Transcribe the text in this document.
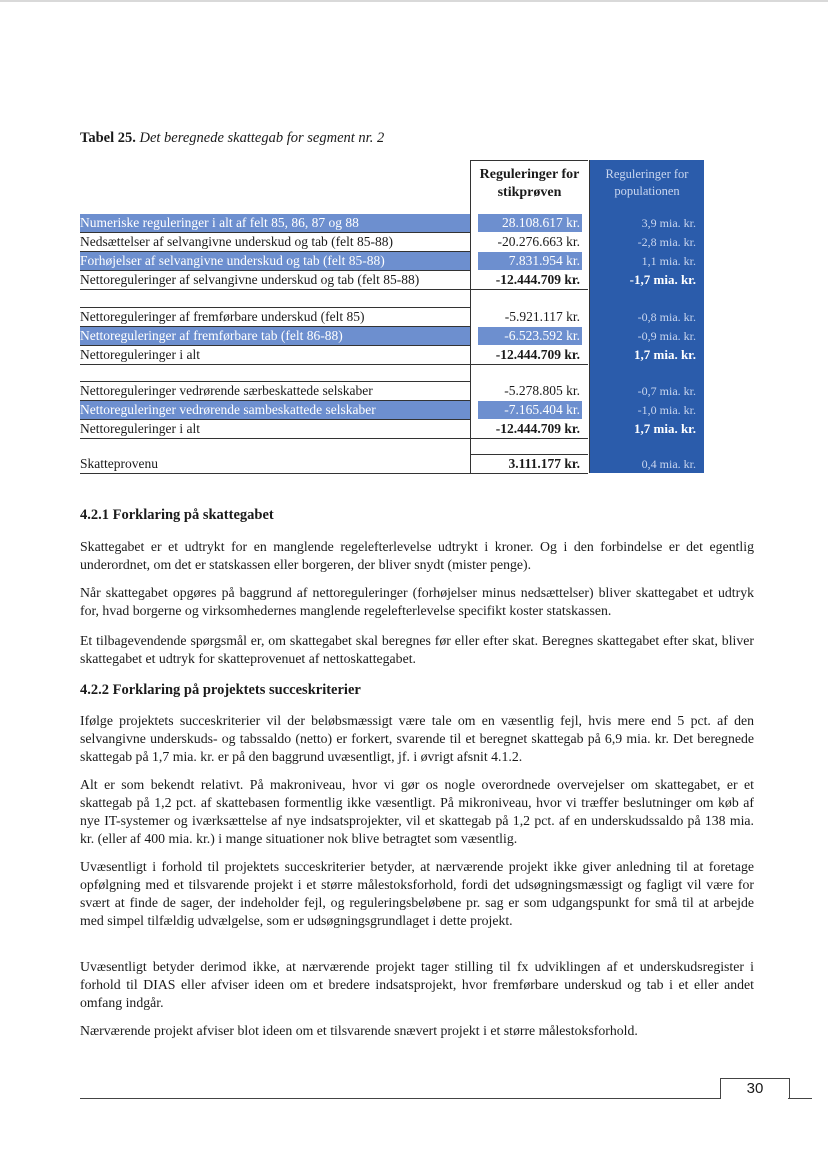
Tabel 25. Det beregnede skattegab for segment nr. 2
Reguleringer for stikprøven
Reguleringer for populationen
Numeriske reguleringer i alt af felt 85, 86, 87 og 88	28.108.617 kr.	3,9 mia. kr.
Nedsættelser af selvangivne underskud og tab (felt 85-88)	-20.276.663 kr.	-2,8 mia. kr.
Forhøjelser af selvangivne underskud og tab (felt 85-88)	7.831.954 kr.	1,1 mia. kr.
Nettoreguleringer af selvangivne underskud og tab (felt 85-88)	-12.444.709 kr.	-1,7 mia. kr.
Nettoreguleringer af fremførbare underskud (felt 85)	-5.921.117 kr.	-0,8 mia. kr.
Nettoreguleringer af fremførbare tab (felt 86-88)	-6.523.592 kr.	-0,9 mia. kr.
Nettoreguleringer i alt	-12.444.709 kr.	1,7 mia. kr.
Nettoreguleringer vedrørende særbeskattede selskaber	-5.278.805 kr.	-0,7 mia. kr.
Nettoreguleringer vedrørende sambeskattede selskaber	-7.165.404 kr.	-1,0 mia. kr.
Nettoreguleringer i alt	-12.444.709 kr.	1,7 mia. kr.
Skatteprovenu	3.111.177 kr.	0,4 mia. kr.
4.2.1 Forklaring på skattegabet
Skattegabet er et udtrykt for en manglende regelefterlevelse udtrykt i kroner. Og i den forbindelse er det egentlig underordnet, om det er statskassen eller borgeren, der bliver snydt (mister penge).
Når skattegabet opgøres på baggrund af nettoreguleringer (forhøjelser minus nedsættelser) bliver skattegabet et udtryk for, hvad borgerne og virksomhedernes manglende regelefterlevelse specifikt koster statskassen.
Et tilbagevendende spørgsmål er, om skattegabet skal beregnes før eller efter skat. Beregnes skattegabet efter skat, bliver skattegabet et udtryk for skatteprovenuet af nettoskattegabet.
4.2.2 Forklaring på projektets succeskriterier
Ifølge projektets succeskriterier vil der beløbsmæssigt være tale om en væsentlig fejl, hvis mere end 5 pct. af den selvangivne underskuds- og tabssaldo (netto) er forkert, svarende til et beregnet skattegab på 6,9 mia. kr. Det beregnede skattegab på 1,7 mia. kr. er på den baggrund uvæsentligt, jf. i øvrigt afsnit 4.1.2.
Alt er som bekendt relativt. På makroniveau, hvor vi gør os nogle overordnede overvejelser om skattegabet, er et skattegab på 1,2 pct. af skattebasen formentlig ikke væsentligt. På mikroniveau, hvor vi træffer beslutninger om køb af nye IT-systemer og iværksættelse af nye indsatsprojekter, vil et skattegab på 1,2 pct. af en underskudssaldo på 138 mia. kr. (eller af 400 mia. kr.) i mange situationer nok blive betragtet som væsentlig.
Uvæsentligt i forhold til projektets succeskriterier betyder, at nærværende projekt ikke giver anledning til at foretage opfølgning med et tilsvarende projekt i et større målestoksforhold, fordi det udsøgningsmæssigt og fagligt vil være for svært at finde de sager, der indeholder fejl, og reguleringsbeløbene pr. sag er som udgangspunkt for små til at arbejde med simpel tilfældig udvælgelse, som er udsøgningsgrundlaget i dette projekt.
Uvæsentligt betyder derimod ikke, at nærværende projekt tager stilling til fx udviklingen af et underskudsregister i forhold til DIAS eller afviser ideen om et bredere indsatsprojekt, hvor fremførbare underskud og tab i et eller andet omfang indgår.
Nærværende projekt afviser blot ideen om et tilsvarende snævert projekt i et større målestoksforhold.
30
